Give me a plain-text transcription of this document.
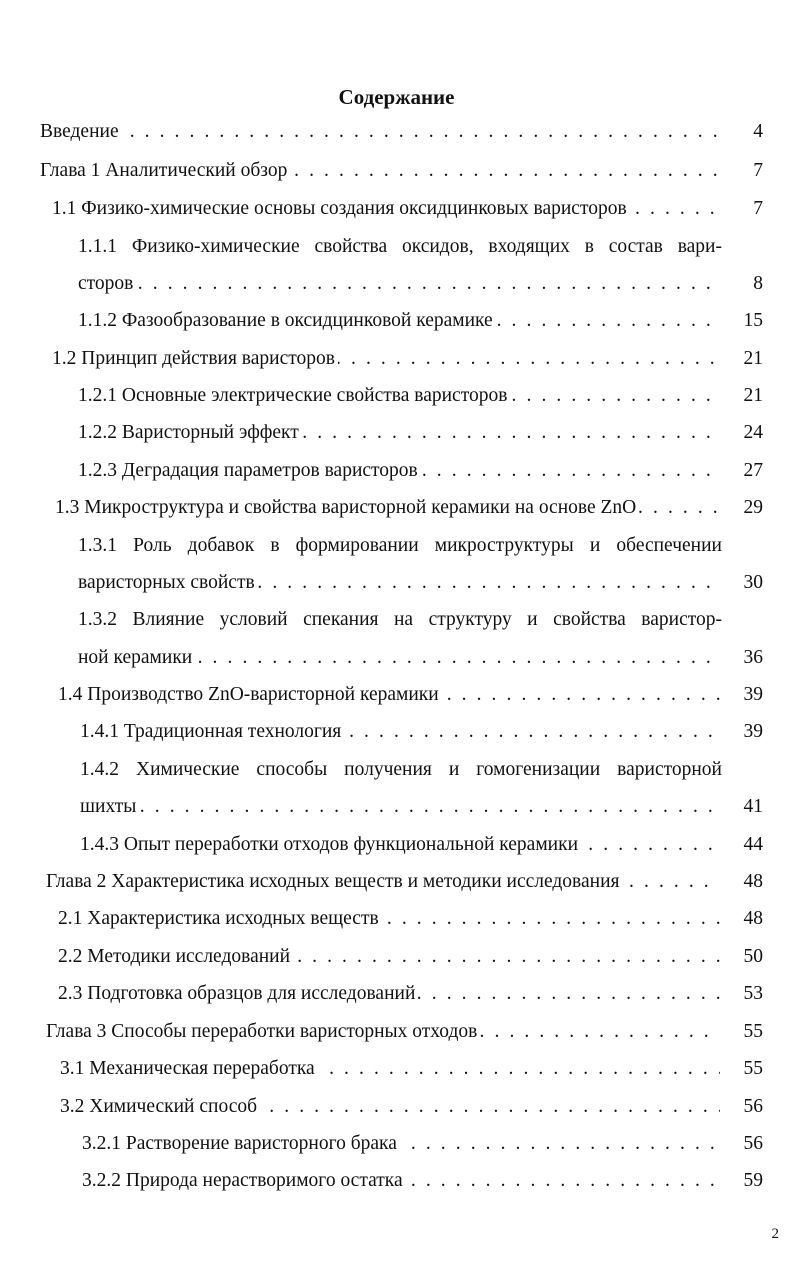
Содержание
. . .
Введение	4
. . .
Глава 1 Аналитический обзор	7
. . .
1.1 Физико-химические основы создания оксидцинковых варисторов	7
1.1.1 Физико-химические свойства оксидов, входящих в состав вари-
. . .
сторов	8
. . .
1.1.2 Фазообразование в оксидцинковой керамике	15
. . .
1.2 Принцип действия варисторов	21
. . .
1.2.1 Основные электрические свойства варисторов	21
. . .
1.2.2 Варисторный эффект	24
. . .
1.2.3 Деградация параметров варисторов	27
. . .
1.3 Микроструктура и свойства варисторной керамики на основе ZnO	29
1.3.1 Роль добавок в формировании микроструктуры и обеспечении
. . .
варисторных свойств	30
1.3.2 Влияние условий спекания на структуру и свойства варистор-
. . .
ной керамики	36
. . .
1.4 Производство ZnO-варисторной керамики	39
. . .
1.4.1 Традиционная технология	39
1.4.2 Химические способы получения и гомогенизации варисторной
. . .
шихты	41
. . .
1.4.3 Опыт переработки отходов функциональной керамики	44
. . .
Глава 2 Характеристика исходных веществ и методики исследования	48
. . .
2.1 Характеристика исходных веществ	48
. . .
2.2 Методики исследований	50
. . .
2.3 Подготовка образцов для исследований	53
. . .
Глава 3 Способы переработки варисторных отходов	55
. . .
3.1 Механическая переработка	55
. . .
3.2 Химический способ	56
. . .
3.2.1 Растворение варисторного брака	56
. . .
3.2.2 Природа нерастворимого остатка	59
2
